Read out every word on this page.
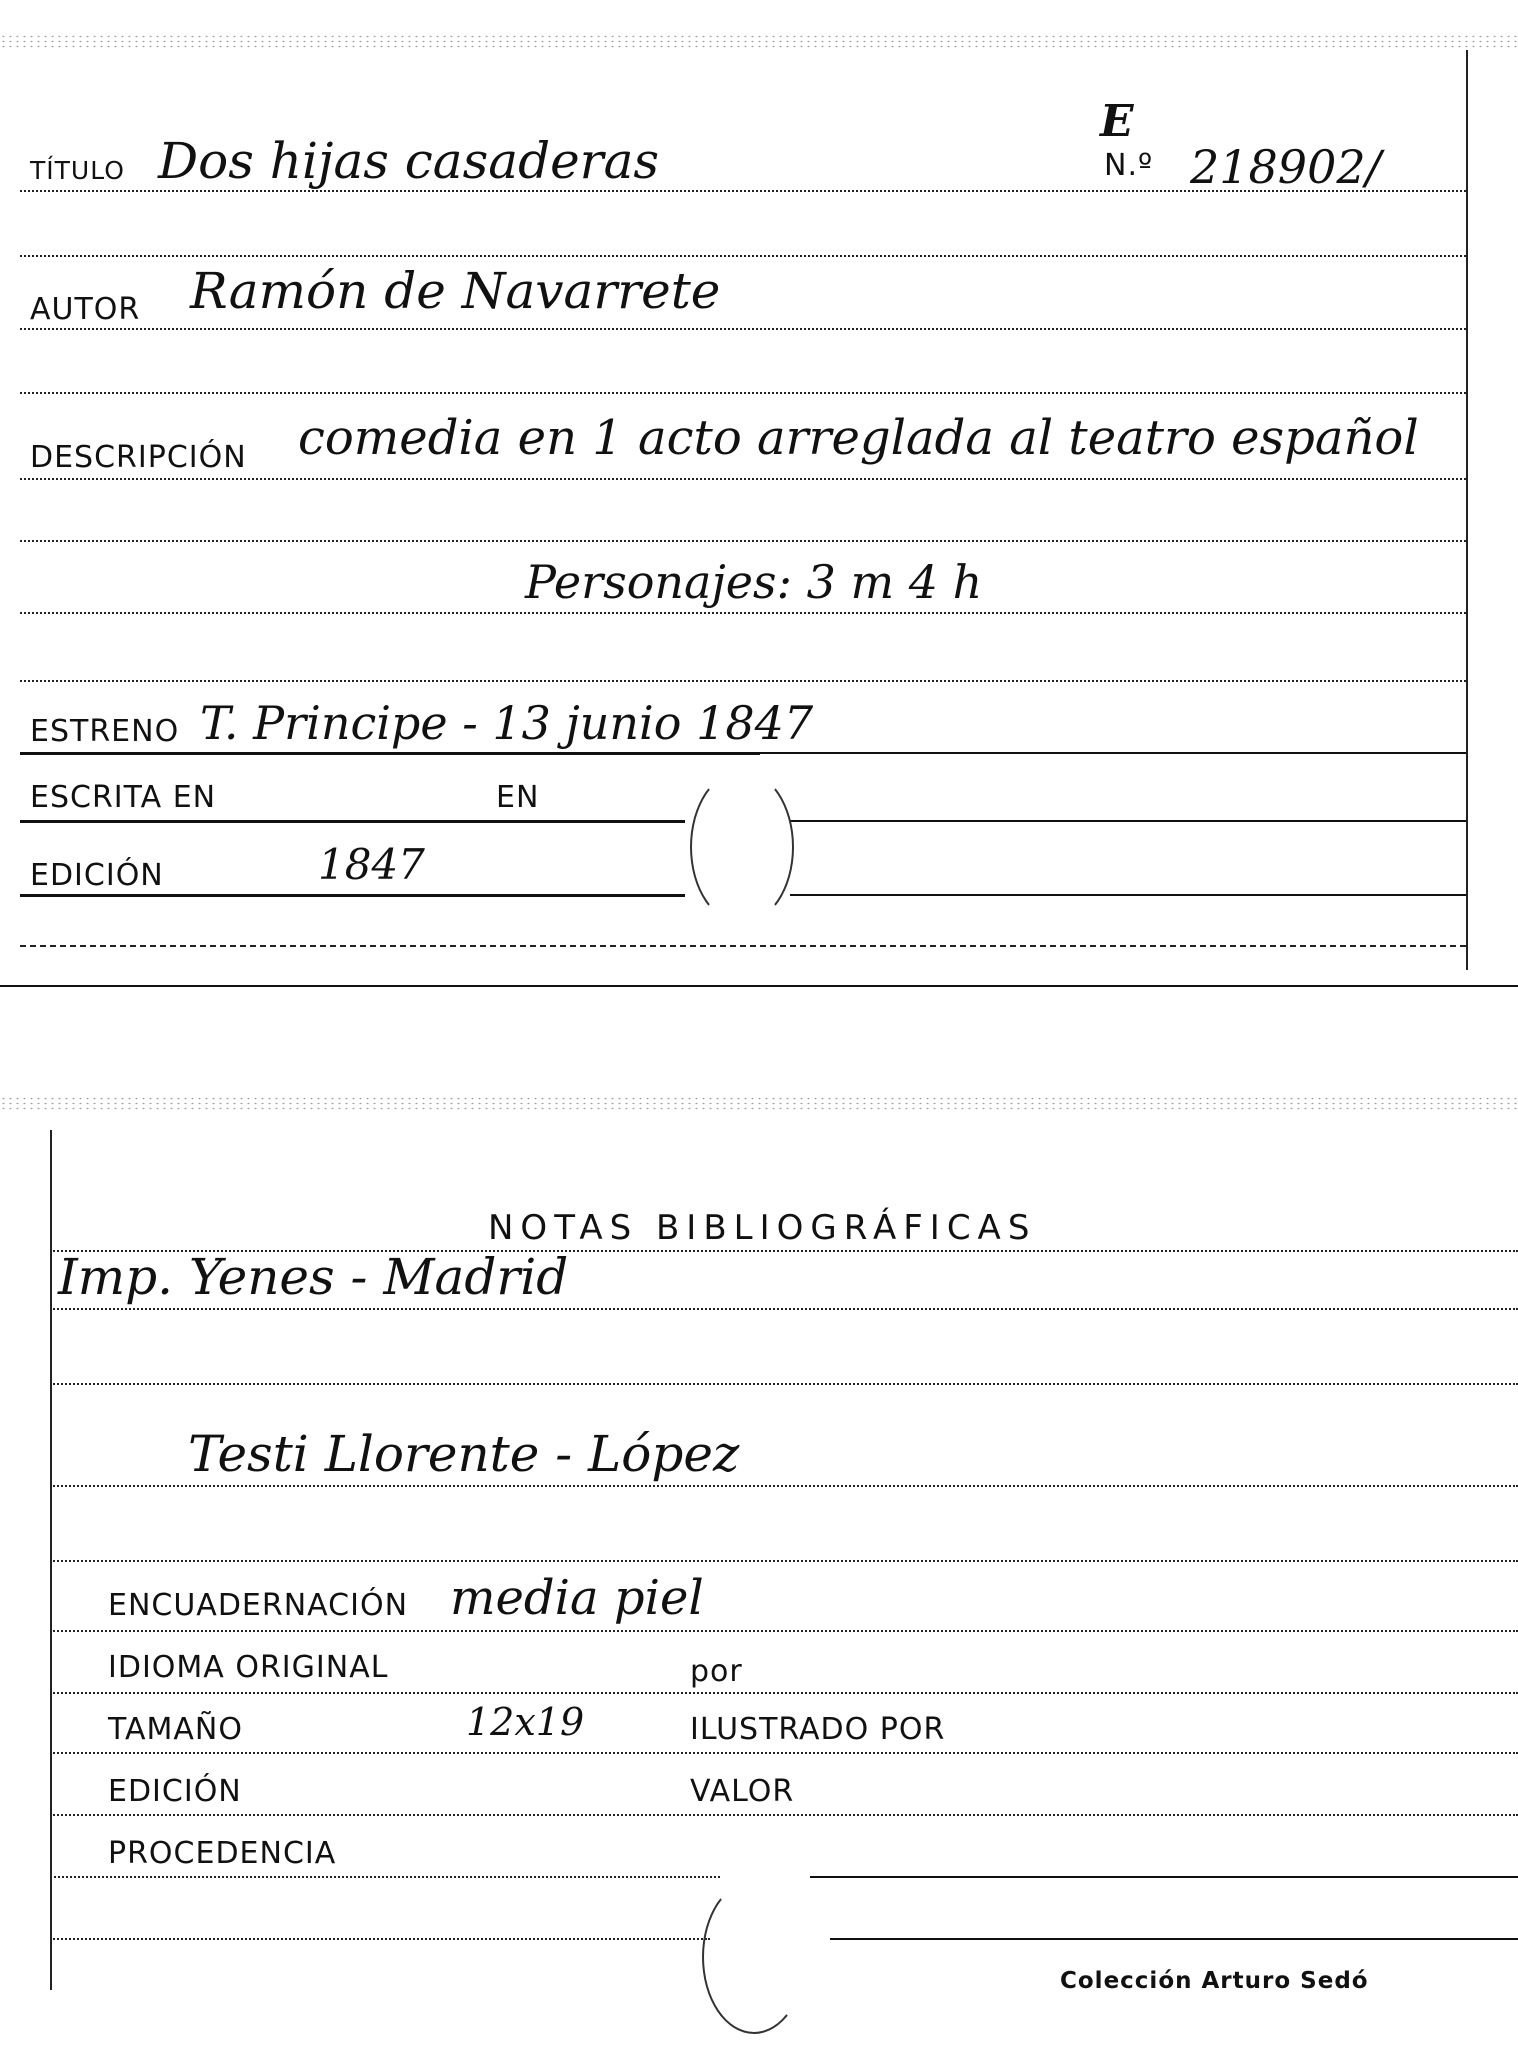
TÍTULO Dos hijas casaderas
E
N.º 218902/
AUTOR Ramón de Navarrete
DESCRIPCIÓN comedia en 1 acto arreglada al teatro español
Personajes: 3 m 4 h
ESTRENO T. Principe - 13 junio 1847
ESCRITA EN	EN
EDICIÓN	1847
NOTAS BIBLIOGRÁFICAS
Imp. Yenes - Madrid
Testi Llorente - López
ENCUADERNACIÓN media piel
IDIOMA ORIGINAL	por
TAMAÑO	12x19	ILUSTRADO POR
EDICIÓN	VALOR
PROCEDENCIA
Colección Arturo Sedó
